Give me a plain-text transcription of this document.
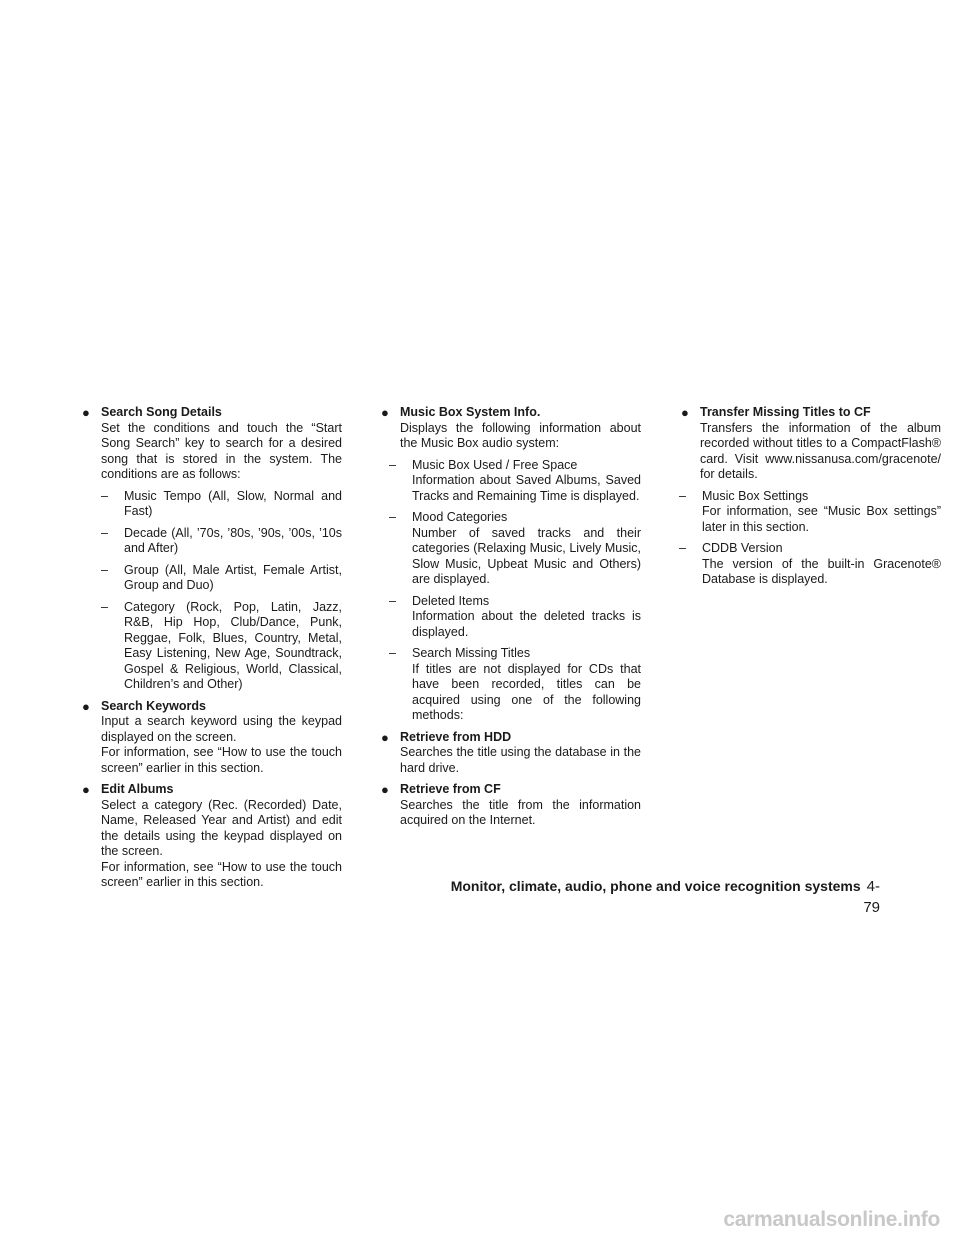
● Search Song Details
Set the conditions and touch the “Start Song Search” key to search for a desired song that is stored in the system. The conditions are as follows:
– Music Tempo (All, Slow, Normal and Fast)
– Decade (All, ’70s, ’80s, ’90s, ’00s, ’10s and After)
– Group (All, Male Artist, Female Artist, Group and Duo)
– Category (Rock, Pop, Latin, Jazz, R&B, Hip Hop, Club/Dance, Punk, Reggae, Folk, Blues, Country, Metal, Easy Listening, New Age, Soundtrack, Gospel & Religious, World, Classical, Children’s and Other)
● Search Keywords
Input a search keyword using the keypad displayed on the screen.
For information, see “How to use the touch screen” earlier in this section.
● Edit Albums
Select a category (Rec. (Recorded) Date, Name, Released Year and Artist) and edit the details using the keypad displayed on the screen.
For information, see “How to use the touch screen” earlier in this section.
● Music Box System Info.
Displays the following information about the Music Box audio system:
– Music Box Used / Free Space
Information about Saved Albums, Saved Tracks and Remaining Time is displayed.
– Mood Categories
Number of saved tracks and their categories (Relaxing Music, Lively Music, Slow Music, Upbeat Music and Others) are displayed.
– Deleted Items
Information about the deleted tracks is displayed.
– Search Missing Titles
If titles are not displayed for CDs that have been recorded, titles can be acquired using one of the following methods:
● Retrieve from HDD
Searches the title using the database in the hard drive.
● Retrieve from CF
Searches the title from the information acquired on the Internet.
● Transfer Missing Titles to CF
Transfers the information of the album recorded without titles to a CompactFlash® card. Visit www.nissanusa.com/gracenote/ for details.
– Music Box Settings
For information, see “Music Box settings” later in this section.
– CDDB Version
The version of the built-in Gracenote® Database is displayed.
Monitor, climate, audio, phone and voice recognition systems 4-79
carmanualsonline.info
